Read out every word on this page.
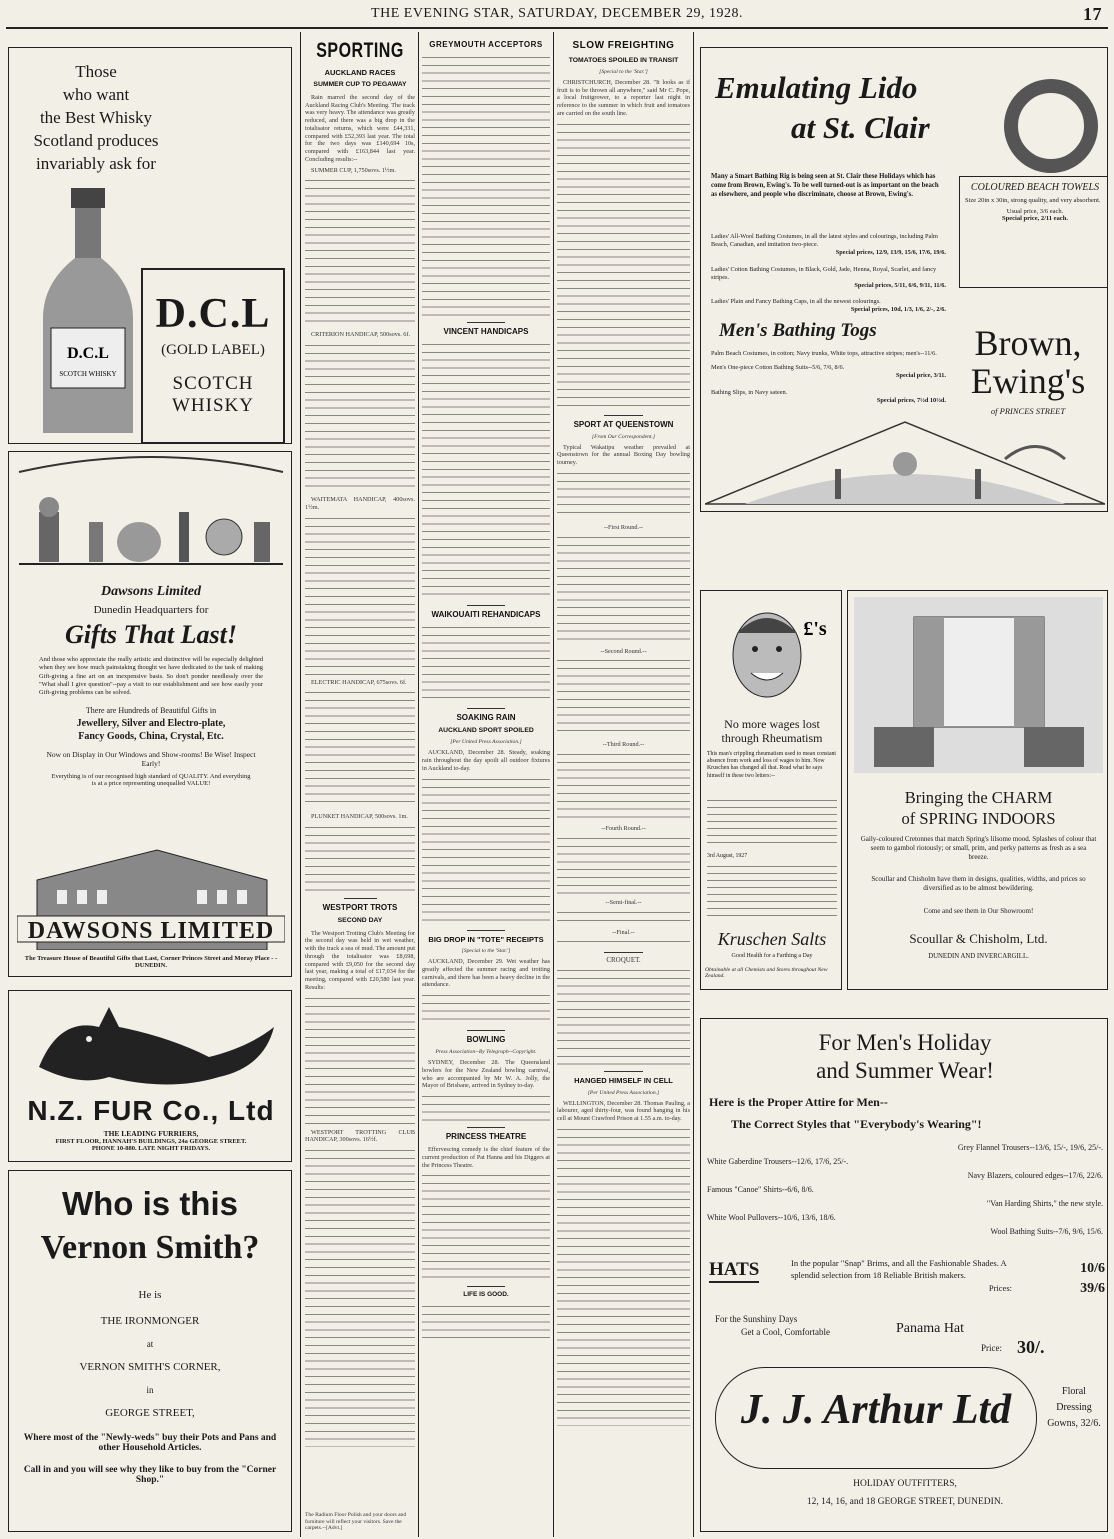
THE EVENING STAR, SATURDAY, DECEMBER 29, 1928.	17
Those
who want
the Best Whisky
Scotland produces
invariably ask for
D.C.L
SCOTCH WHISKY
D.C.L
(GOLD LABEL)
SCOTCH WHISKY
Dawsons Limited
Dunedin Headquarters for
Gifts That Last!
And those who appreciate the really artistic and distinctive will be especially delighted when they see how much painstaking thought we have dedicated to the task of making Gift-giving a fine art on an inexpensive basis. So don't ponder needlessly over the "What shall I give question"--pay a visit to our establishment and see how easily your Gift-giving problems can be solved.
There are Hundreds of Beautiful Gifts in
Jewellery, Silver and Electro-plate,
Fancy Goods, China, Crystal, Etc.
Now on Display in Our Windows and Show-rooms! Be Wise! Inspect Early!
Everything is of our recognised high standard of QUALITY. And everything is at a price representing unequalled VALUE!
DAWSONS LIMITED
The Treasure House of Beautiful Gifts that Last, Corner Princes Street and Moray Place - - DUNEDIN.
N.Z. FUR Co., Ltd
THE LEADING FURRIERS,
FIRST FLOOR, HANNAH'S BUILDINGS, 24a GEORGE STREET.
PHONE 10-880. LATE NIGHT FRIDAYS.
Who is this
Vernon Smith?
He is
THE IRONMONGER
at
VERNON SMITH'S CORNER,
in
GEORGE STREET,
Where most of the "Newly-weds" buy their Pots and Pans and other Household Articles.
Call in and you will see why they like to buy from the "Corner Shop."
SPORTING
AUCKLAND RACES
SUMMER CUP TO PEGAWAY

Rain marred the second day of the Auckland Racing Club's Meeting. The track was very heavy. The attendance was greatly reduced, and there was a big drop in the totalisator returns, which were £44,331, compared with £52,393 last year. The total for the two days was £140,694 10s, compared with £163,844 last year. Concluding results:--

SUMMER CUP, 1,750sovs. 1½m.

CRITERION HANDICAP, 500sovs. 6f.

WAITEMATA HANDICAP, 400sovs. 1½m.

ELECTRIC HANDICAP, 675sovs. 6f.

PLUNKET HANDICAP, 500sovs. 1m.

WESTPORT TROTS
SECOND DAY

The Westport Trotting Club's Meeting for the second day was held in wet weather, with the track a sea of mud. The amount put through the totalisator was £8,698, compared with £9,050 for the second day last year, making a total of £17,034 for the meeting, compared with £20,580 last year. Results:

WESTPORT TROTTING CLUB HANDICAP, 300sovs. 16½f.

The Radium Floor Polish and your doors and furniture will reflect your visitors. Save the carpets.--[Advt.]
GREYMOUTH ACCEPTORS
VINCENT HANDICAPS
WAIKOUAITI REHANDICAPS
SOAKING RAIN
AUCKLAND SPORT SPOILED
[Per United Press Association.]

AUCKLAND, December 28. Steady, soaking rain throughout the day spoilt all outdoor fixtures in Auckland to-day.

BIG DROP IN "TOTE" RECEIPTS
[Special to the 'Star.']

AUCKLAND, December 29. Wet weather has greatly affected the summer racing and trotting carnivals, and there has been a heavy decline in the attendance.

BOWLING
Press Association--By Telegraph--Copyright.

SYDNEY, December 28. The Queensland bowlers for the New Zealand bowling carnival, who are accompanied by Mr W. A. Jolly, the Mayor of Brisbane, arrived in Sydney to-day.

PRINCESS THEATRE

Effervescing comedy is the chief feature of the current production of Pat Hanna and his Diggers at the Princess Theatre.

LIFE IS GOOD.
SLOW FREIGHTING
TOMATOES SPOILED IN TRANSIT
[Special to the 'Star.']

CHRISTCHURCH, December 28. "It looks as if fruit is to be thrown all anywhere," said Mr C. Pope, a local fruitgrower, to a reporter last night in reference to the summer in which fruit and tomatoes are carried on the south line.

SPORT AT QUEENSTOWN
[From Our Correspondent.]

Typical Wakatipu weather prevailed at Queenstown for the annual Boxing Day bowling tourney.

--First Round.--
--Second Round.--
--Third Round.--
--Fourth Round.--
--Semi-final.--
--Final.--
CROQUET.
HANGED HIMSELF IN CELL
[Per United Press Association.]

WELLINGTON, December 28. Thomas Pauling, a labourer, aged thirty-four, was found hanging in his cell at Mount Crawford Prison at 1.55 a.m. to-day.

Emulating Lido
at St. Clair
Many a Smart Bathing Rig is being seen at St. Clair these Holidays which has come from Brown, Ewing's. To be well turned-out is as important on the beach as elsewhere, and people who discriminate, choose at Brown, Ewing's.
COLOURED BEACH TOWELS
Size 20in x 30in, strong quality, and very absorbent.
Usual price, 3/6 each.
Special price, 2/11 each.
Ladies' All-Wool Bathing Costumes, in all the latest styles and colourings, including Palm Beach, Canadian, and imitation two-piece.
Special prices, 12/9, 13/9, 15/6, 17/6, 19/6.
Ladies' Cotton Bathing Costumes, in Black, Gold, Jade, Henna, Royal, Scarlet, and fancy stripes.
Special prices, 5/11, 6/6, 9/11, 11/6.
Ladies' Plain and Fancy Bathing Caps, in all the newest colourings.
Special prices, 10d, 1/3, 1/6, 2/-, 2/6.
Men's Bathing Togs
Palm Beach Costumes, in cotton; Navy trunks, White tops, attractive stripes; men's--11/6.
Men's One-piece Cotton Bathing Suits--5/6, 7/6, 8/6.
Special price, 3/11.
Bathing Slips, in Navy sateen.
Special prices, 7½d 10½d.
Brown,
Ewing's
of PRINCES STREET
£'s
No more wages lost
through Rheumatism
This man's crippling rheumatism used to mean constant absence from work and loss of wages to him. Now Kruschen has changed all that. Read what he says himself in these two letters:--
3rd August, 1927
Kruschen Salts
Good Health for a Farthing a Day
Obtainable at all Chemists and Stores throughout New Zealand.
Bringing the CHARM
of SPRING INDOORS
Gaily-coloured Cretonnes that match Spring's lilsome mood. Splashes of colour that seem to gambol riotously; or small, prim, and perky patterns as fresh as a sea breeze.
Scoullar and Chisholm have them in designs, qualities, widths, and prices so diversified as to be almost bewildering.
Come and see them in Our Showroom!
Scoullar & Chisholm, Ltd.
DUNEDIN AND INVERCARGILL.
For Men's Holiday
and Summer Wear!
Here is the Proper Attire for Men--
The Correct Styles that "Everybody's Wearing"!
Grey Flannel Trousers--13/6, 15/-, 19/6, 25/-.
White Gaberdine Trousers--12/6, 17/6, 25/-.
Navy Blazers, coloured edges--17/6, 22/6.
Famous "Canoe" Shirts--6/6, 8/6.
"Van Harding Shirts," the new style.
White Wool Pullovers--10/6, 13/6, 18/6.
Wool Bathing Suits--7/6, 9/6, 15/6.
HATS	In the popular "Snap" Brims, and all the Fashionable Shades. A splendid selection from 18 Reliable British makers.
Prices:
10/6
39/6
For the Sunshiny Days
Get a Cool, Comfortable	Panama Hat
Price: 30/.
J. J. Arthur Ltd	Floral Dressing Gowns, 32/6.
HOLIDAY OUTFITTERS,
12, 14, 16, and 18 GEORGE STREET, DUNEDIN.
